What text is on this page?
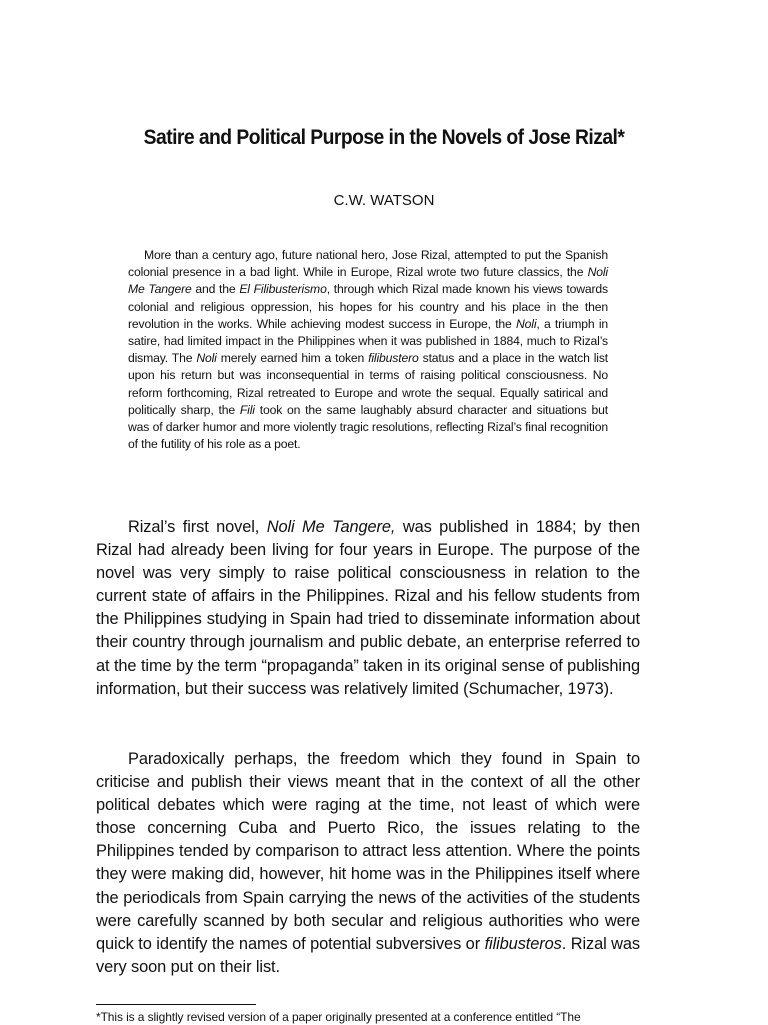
Satire and Political Purpose in the Novels of Jose Rizal*

C.W. WATSON

More than a century ago, future national hero, Jose Rizal, attempted to put the Spanish colonial presence in a bad light. While in Europe, Rizal wrote two future classics, the Noli Me Tangere and the El Filibusterismo, through which Rizal made known his views towards colonial and religious oppression, his hopes for his country and his place in the then revolution in the works. While achieving modest success in Europe, the Noli, a triumph in satire, had limited impact in the Philippines when it was published in 1884, much to Rizal’s dismay. The Noli merely earned him a token filibustero status and a place in the watch list upon his return but was inconsequential in terms of raising political consciousness. No reform forthcoming, Rizal retreated to Europe and wrote the sequal. Equally satirical and politically sharp, the Fili took on the same laughably absurd character and situations but was of darker humor and more violently tragic resolutions, reflecting Rizal’s final recognition of the futility of his role as a poet.

Rizal’s first novel, Noli Me Tangere, was published in 1884; by then Rizal had already been living for four years in Europe. The purpose of the novel was very simply to raise political consciousness in relation to the current state of affairs in the Philippines. Rizal and his fellow students from the Philippines studying in Spain had tried to disseminate information about their country through journalism and public debate, an enterprise referred to at the time by the term “propaganda” taken in its original sense of publishing information, but their success was relatively limited (Schumacher, 1973).

Paradoxically perhaps, the freedom which they found in Spain to criticise and publish their views meant that in the context of all the other political debates which were raging at the time, not least of which were those concerning Cuba and Puerto Rico, the issues relating to the Philippines tended by comparison to attract less attention. Where the points they were making did, however, hit home was in the Philippines itself where the periodicals from Spain carrying the news of the activities of the students were carefully scanned by both secular and religious authorities who were quick to identify the names of potential subversives or filibusteros. Rizal was very soon put on their list.

*This is a slightly revised version of a paper originally presented at a conference entitled “The
